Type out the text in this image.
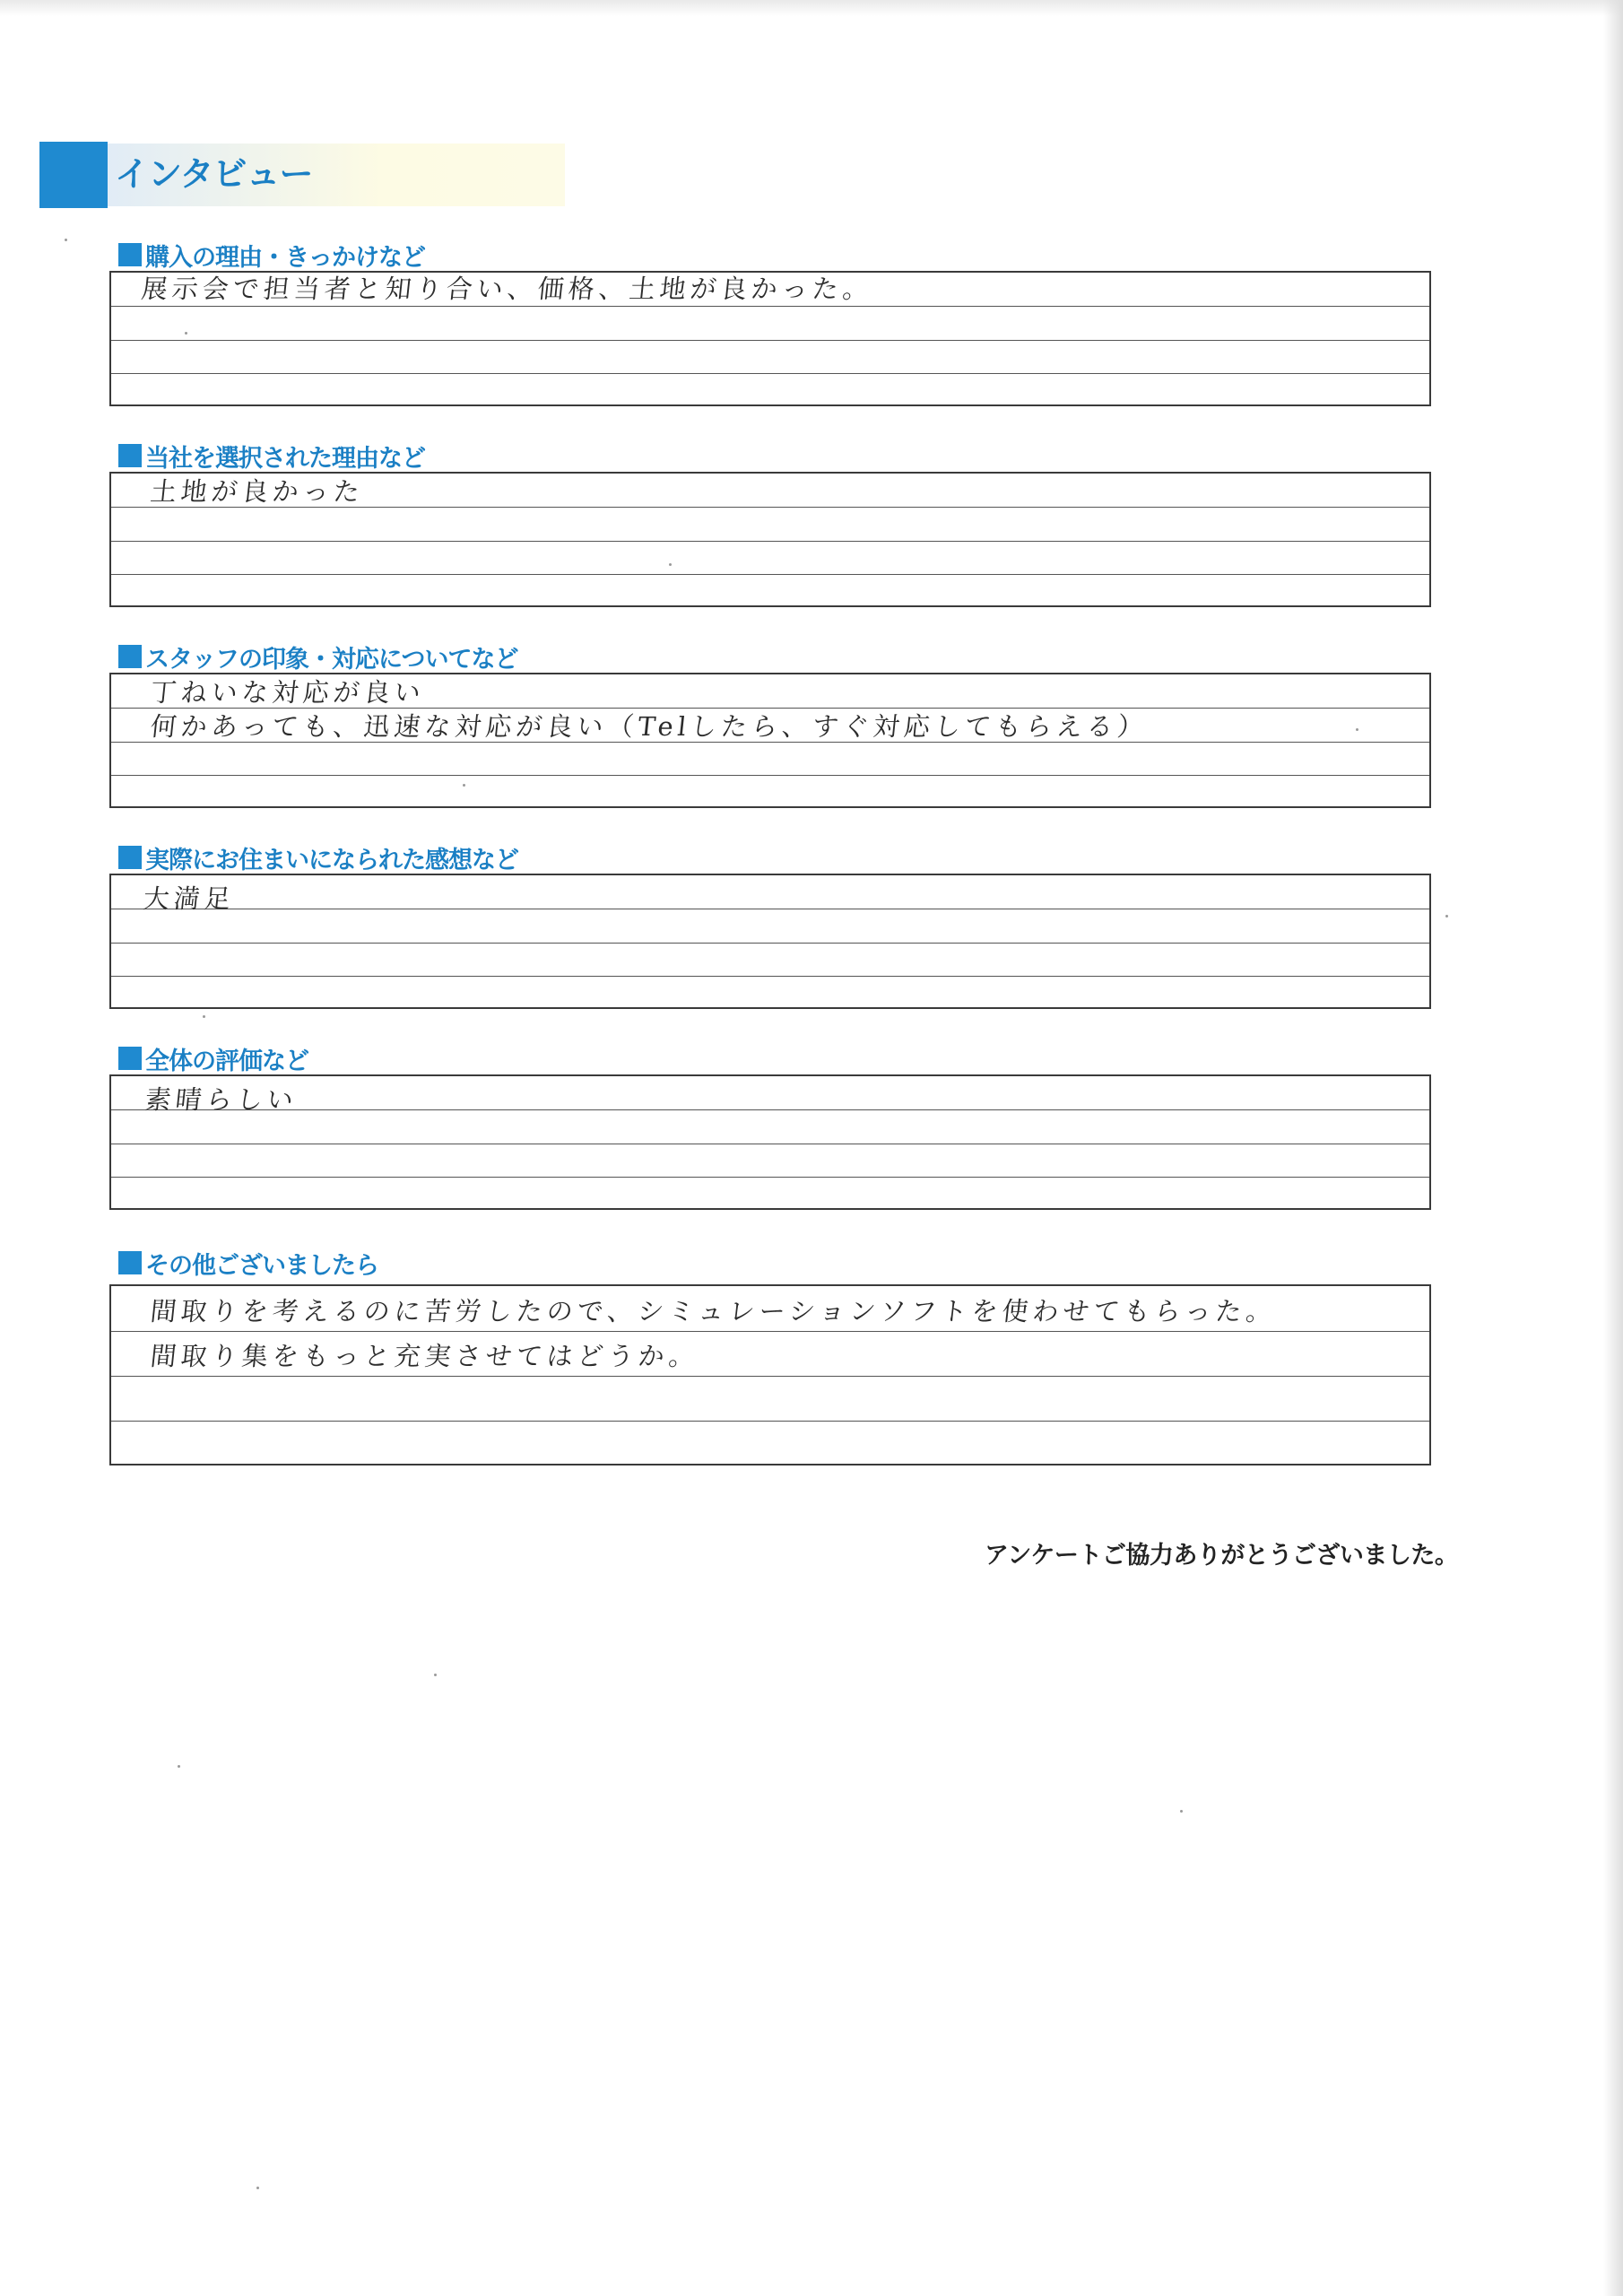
インタビュー
購入の理由・きっかけなど
展示会で担当者と知り合い、価格、土地が良かった。
当社を選択された理由など
土地が良かった
スタッフの印象・対応についてなど
丁ねいな対応が良い
何かあっても、迅速な対応が良い（Telしたら、すぐ対応してもらえる）
実際にお住まいになられた感想など
大満足
全体の評価など
素晴らしい
その他ございましたら
間取りを考えるのに苦労したので、シミュレーションソフトを使わせてもらった。
間取り集をもっと充実させてはどうか。
アンケートご協力ありがとうございました。
